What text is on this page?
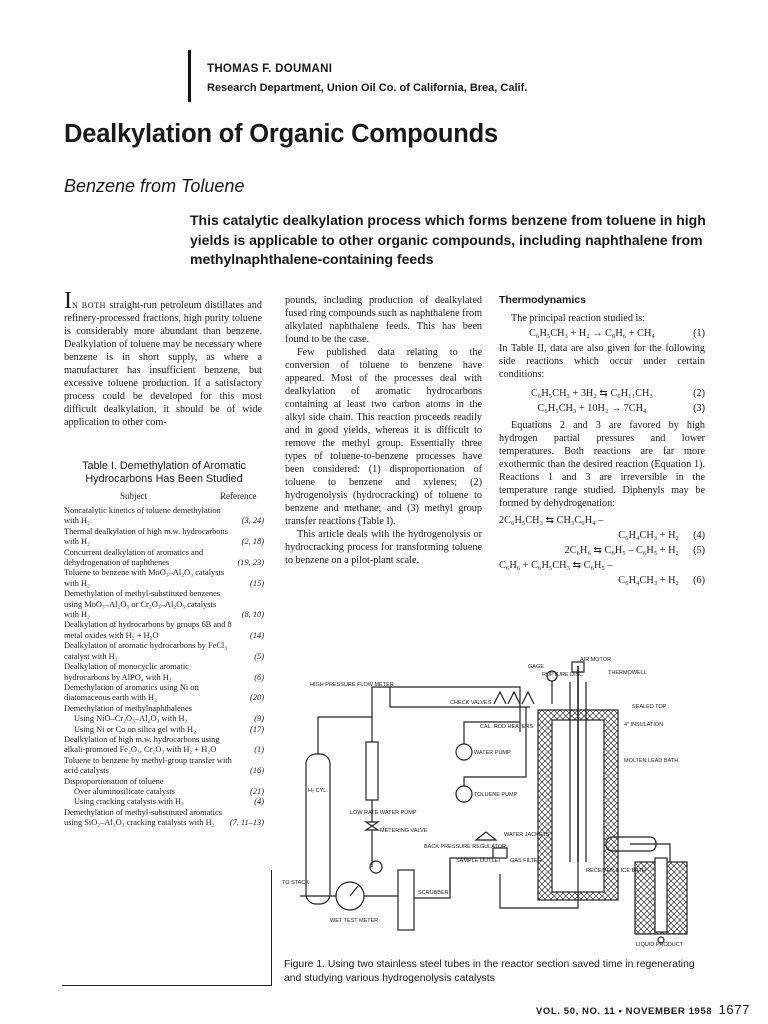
THOMAS F. DOUMANI
Research Department, Union Oil Co. of California, Brea, Calif.
Dealkylation of Organic Compounds
Benzene from Toluene
This catalytic dealkylation process which forms benzene from toluene in high yields is applicable to other organic compounds, including naphthalene from methylnaphthalene-containing feeds

IN BOTH straight-run petroleum distillates and refinery-processed fractions, high purity toluene is considerably more abundant than benzene. Dealkylation of toluene may be necessary where benzene is in short supply, as where a manufacturer has insufficient benzene, but excessive toluene production. If a satisfactory process could be developed for this most difficult dealkylation, it should be of wide application to other com-

Table I. Demethylation of Aromatic Hydrocarbons Has Been Studied
Subject	Reference
Noncatalytic kinetics of toluene demethylation with H₂	(3, 24)
Thermal dealkylation of high m.w. hydrocarbons with H₂	(2, 18)
Concurrent dealkylation of aromatics and dehydrogenation of naphthenes	(19, 23)
Toluene to benzene with MoO₃–Al₂O₃ catalysts with H₂	(15)
Demethylation of methyl-substituted benzenes using MoO₃–Al₂O₃ or Cr₂O₃–Al₂O₃ catalysts with H₂	(8, 10)
Dealkylation of hydrocarbons by groups 6B and 8 metal oxides with H₂ + H₂O	(14)
Dealkylation of aromatic hydrocarbons by FeCl₃ catalyst with H₂	(5)
Dealkylation of monocyclic aromatic hydrocarbons by AlPO₄ with H₂	(6)
Demethylation of aromatics using Ni on diatomaceous earth with H₂	(20)
Demethylation of methylnaphthalenes
Using NiO–Cr₂O₃–Al₂O₃ with H₂	(9)
Using Ni or Co on silica gel with H₂	(17)
Dealkylation of high m.w. hydrocarbons using alkali-promoted Fe₂O₃, Cr₂O₃ with H₂ + H₂O	(1)
Toluene to benzene by methyl-group transfer with acid catalysts	(16)
Disproportionation of toluene
Over aluminosilicate catalysts	(21)
Using cracking catalysts with H₂	(4)
Demethylation of methyl-substituted aromatics using SiO₂–Al₂O₃ cracking catalysts with H₂	(7, 11–13)

pounds, including production of dealkylated fused ring compounds such as naphthalene from alkylated naphthalene feeds. This has been found to be the case.

Few published data relating to the conversion of toluene to benzene have appeared. Most of the processes deal with dealkylation of aromatic hydrocarbons containing at least two carbon atoms in the alkyl side chain. This reaction proceeds readily and in good yields, whereas it is difficult to remove the methyl group. Essentially three types of toluene-to-benzene processes have been considered: (1) disproportionation of toluene to benzene and xylenes; (2) hydrogenolysis (hydrocracking) of toluene to benzene and methane; and (3) methyl group transfer reactions (Table I).

This article deals with the hydrogenolysis or hydrocracking process for transforming toluene to benzene on a pilot-plant scale.

Thermodynamics

The principal reaction studied is:

C₆H₅CH₃ + H₂ → C₆H₆ + CH₄	(1)

In Table II, data are also given for the following side reactions which occur under certain conditions:

C₆H₅CH₃ + 3H₂ ⇆ C₆H₁₁CH₃	(2)
C₆H₅CH₃ + 10H₂ → 7CH₄	(3)

Equations 2 and 3 are favored by high hydrogen partial pressures and lower temperatures. Both reactions are far more exothermic than the desired reaction (Equation 1). Reactions 1 and 3 are irreversible in the temperature range studied. Diphenyls may be formed by dehydrogenation:

2C₆H₅CH₃ ⇆ CH₃C₆H₄ –
C₆H₄CH₃ + H₂	(4)
2C₆H₆ ⇆ C₆H₅ – C₆H₅ + H₂	(5)
C₆H₆ + C₆H₅CH₃ ⇆ C₆H₅ –
C₆H₄CH₃ + H₂	(6)
AIR MOTOR
GAGE
RUPTURE DISC	THERMOWELL
HIGH PRESSURE FLOW METER
CHECK VALVES
SEALED TOP
4" INSULATION
CAL. ROD HEATERS
MOLTEN LEAD BATH
H₂ CYL.
METERING VALVE
WATER PUMP
TOLUENE PUMP
LOW RATE WATER PUMP
BACK PRESSURE REGULATOR
WATER JACKETS
TO STACK
SAMPLE OUTLET GAS FILTER
RECEIVER & ICE BATH
WET TEST METER
SCRUBBER
LIQUID PRODUCT
Figure 1. Using two stainless steel tubes in the reactor section saved time in regenerating and studying various hydrogenolysis catalysts
VOL. 50, NO. 11 • NOVEMBER 1958 1677
